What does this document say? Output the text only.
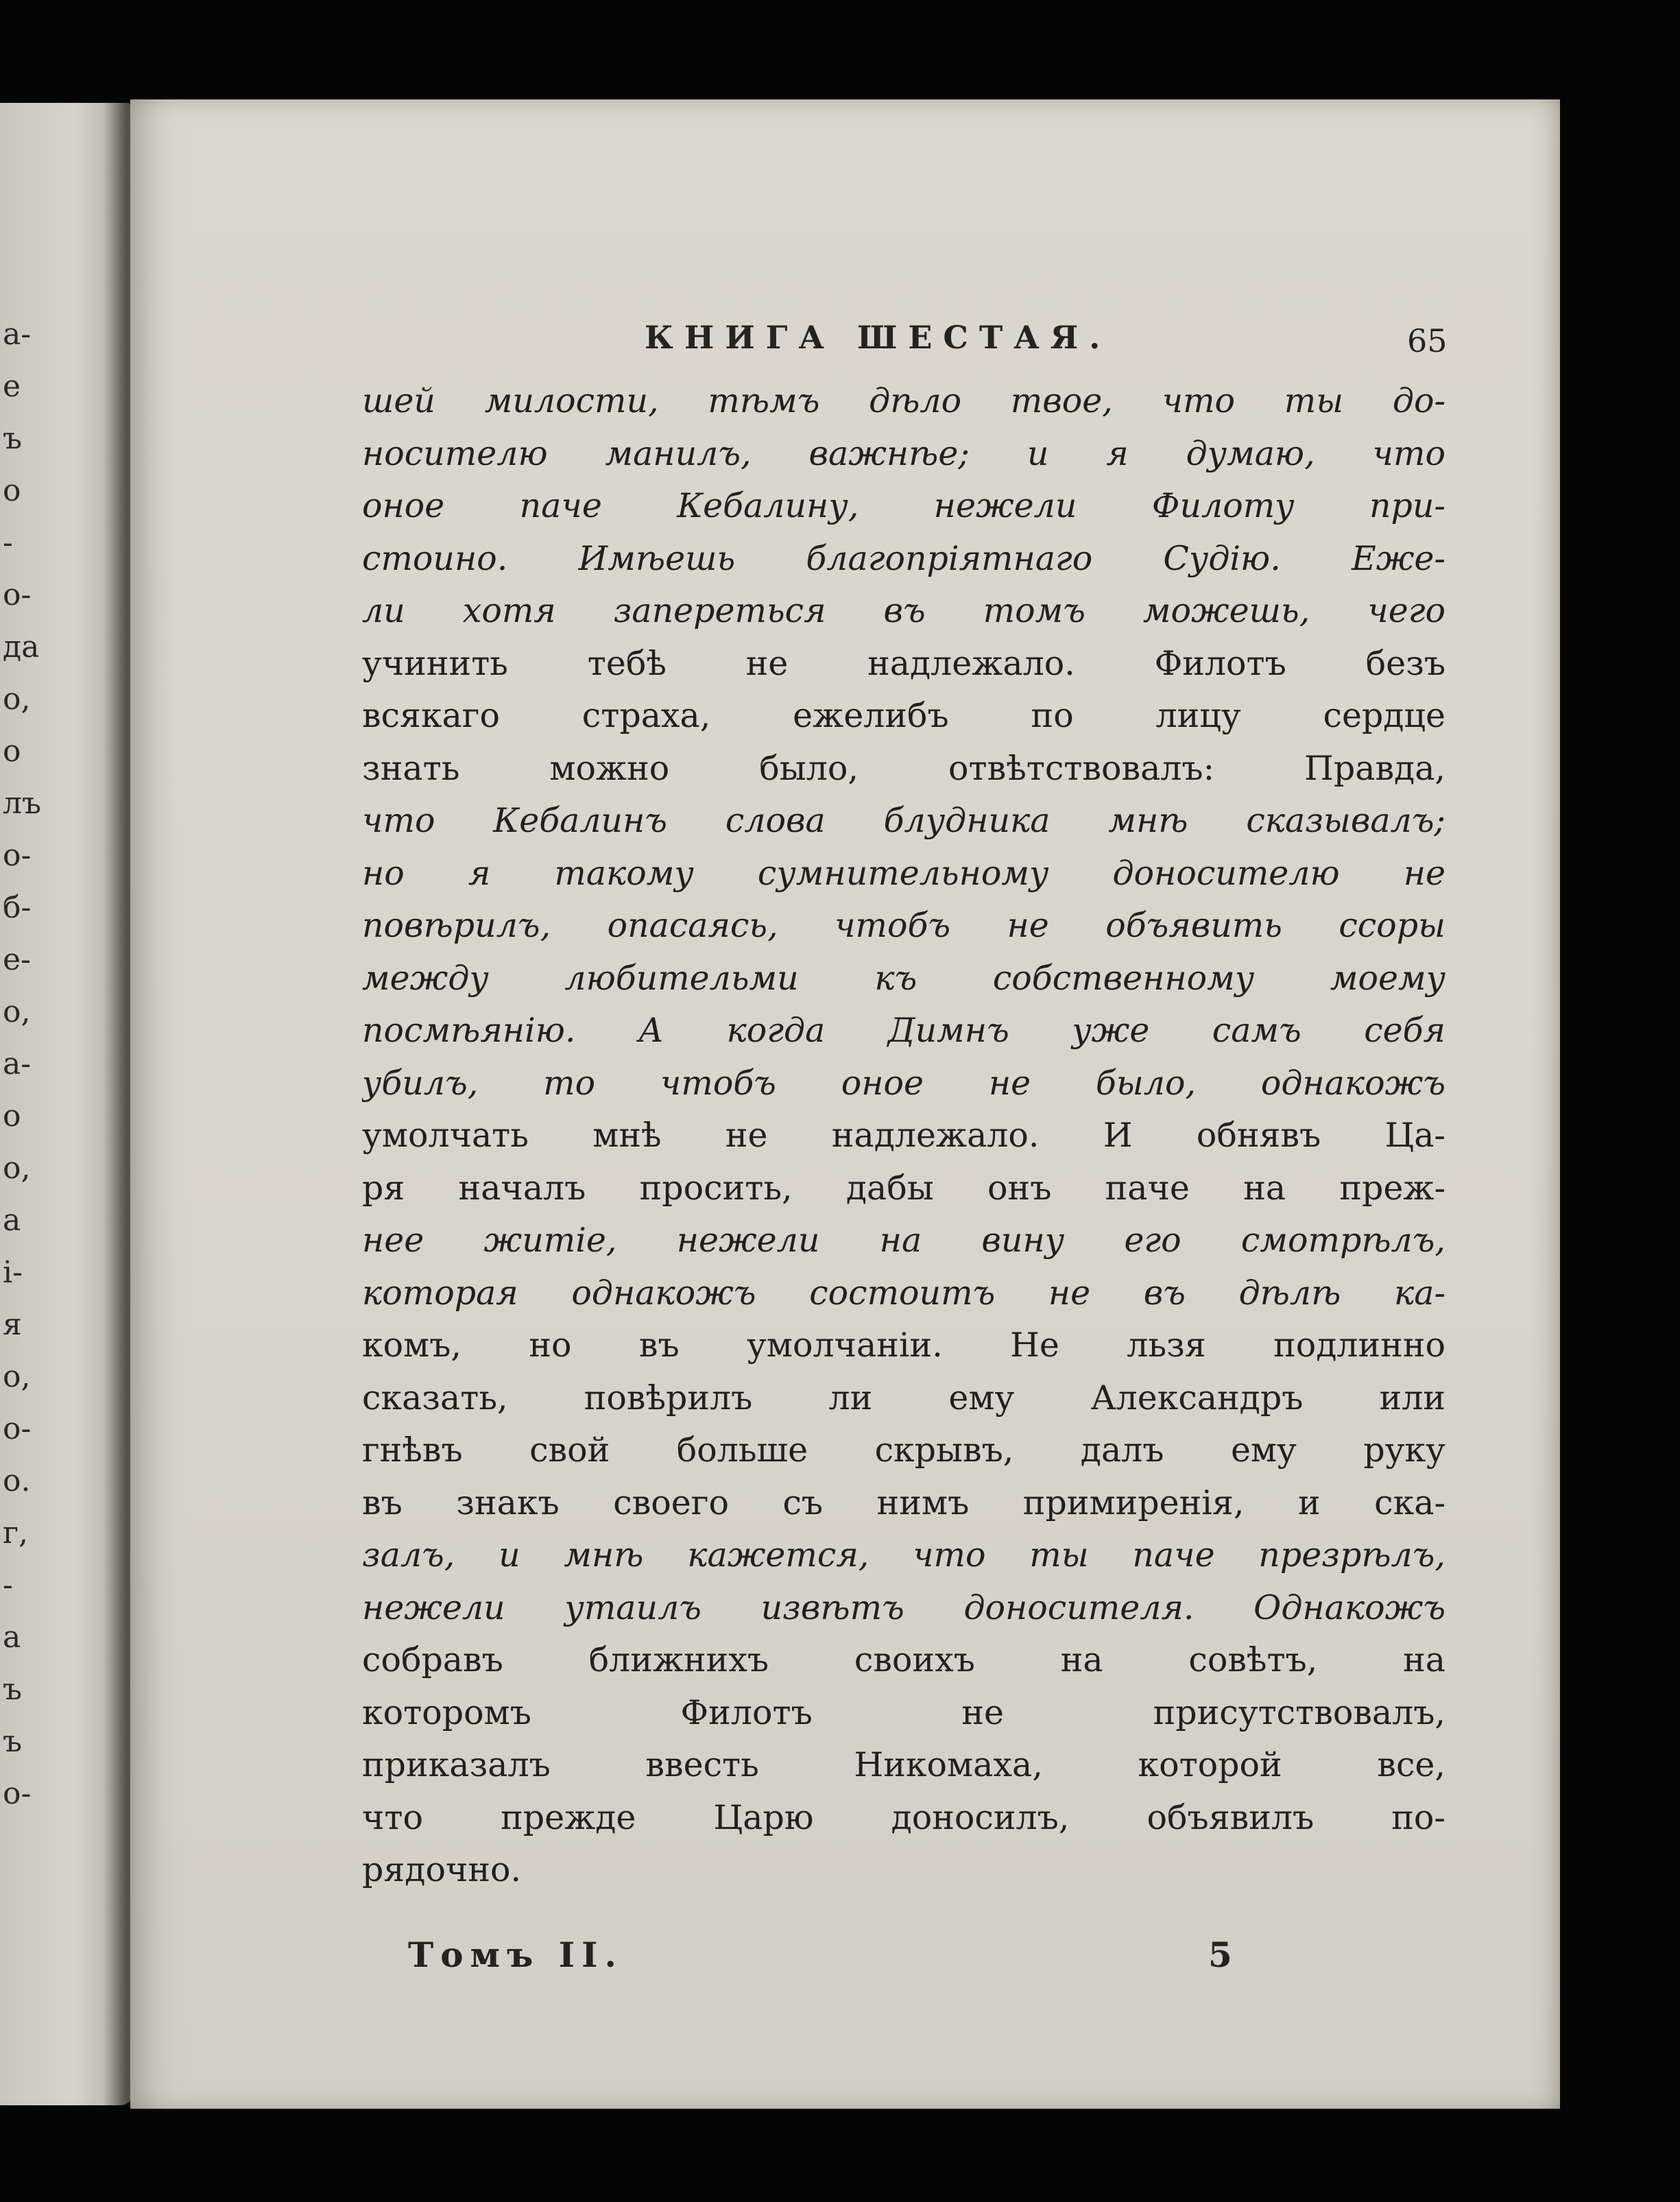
а-
е
ъ
о
-
о-
да
о,
о
лъ
о-
б-
е-
о,
а-
о
о,
а
і-
я
о,
о-
о.
г,
-
а
ъ
ъ
о-
КНИГА ШЕСТАЯ.	65
шей милости, тѣмъ дѣло твое, что ты до-
носителю манилъ, важнѣе; и я думаю, что
оное паче Кебалину, нежели Филоту при-
стоино. Имѣешь благопріятнаго Судію. Еже-
ли хотя запереться въ томъ можешь, чего
учинить тебѣ не надлежало. Филотъ безъ
всякаго страха, ежелибъ по лицу сердце
знать можно было, отвѣтствовалъ: Правда,
что Кебалинъ слова блудника мнѣ сказывалъ;
но я такому сумнительному доносителю не
повѣрилъ, опасаясь, чтобъ не объявить ссоры
между любительми къ собственному моему
посмѣянію. А когда Димнъ уже самъ себя
убилъ, то чтобъ оное не было, однакожъ
умолчать мнѣ не надлежало. И обнявъ Ца-
ря началъ просить, дабы онъ паче на преж-
нее житіе, нежели на вину его смотрѣлъ,
которая однакожъ состоитъ не въ дѣлѣ ка-
комъ, но въ умолчаніи. Не льзя подлинно
сказать, повѣрилъ ли ему Александръ или
гнѣвъ свой больше скрывъ, далъ ему руку
въ знакъ своего съ нимъ примиренія, и ска-
залъ, и мнѣ кажется, что ты паче презрѣлъ,
нежели утаилъ извѣтъ доносителя. Однакожъ
собравъ ближнихъ своихъ на совѣтъ, на
которомъ Филотъ не присутствовалъ,
приказалъ ввесть Никомаха, которой все,
что прежде Царю доносилъ, объявилъ по-
рядочно.
Томъ II.	5
